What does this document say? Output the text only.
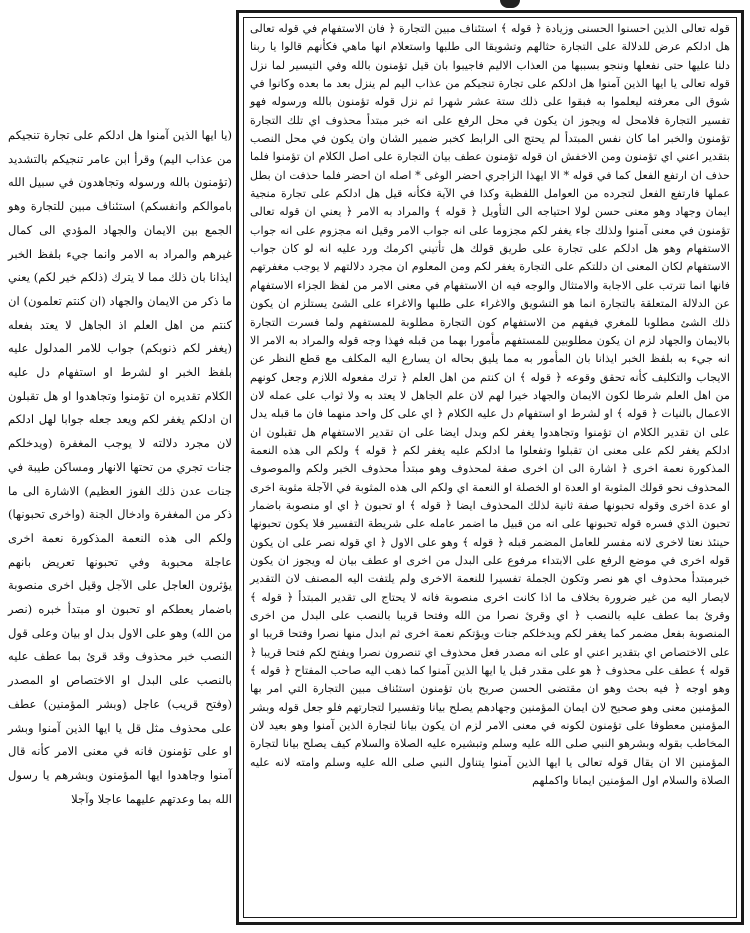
قوله تعالى الذين احسنوا الحسنى وزيادة ﴿ قوله ﴾ استئناف مبين التجارة ﴿ فان الاستفهام في قوله تعالى هل ادلكم عرض للدلالة على التجارة حثالهم وتشويقا الى طلبها واستعلام انها ماهي فكأنهم قالوا يا ربنا دلنا عليها حتى نفعلها وننجو بسببها من العذاب الاليم فاجيبوا بان قيل تؤمنون بالله وفي التيسير لما نزل قوله تعالى يا ايها الذين آمنوا هل ادلكم على تجارة تنجيكم من عذاب اليم لم ينزل بعد ما بعده وكانوا في شوق الى معرفته ليعلموا به فبقوا على ذلك ستة عشر شهرا ثم نزل قوله تؤمنون بالله ورسوله فهو تفسير التجارة فلامحل له ويجوز ان يكون في محل الرفع على انه خبر مبتدأ محذوف اي تلك التجارة تؤمنون والخبر اما كان نفس المبتدأ لم يحتج الى الرابط كخبر ضمير الشان وان يكون في محل النصب بتقدير اعني اي تؤمنون ومن الاخفش ان قوله تؤمنون عطف بيان التجارة على اصل الكلام ان تؤمنوا فلما حذف ان ارتفع الفعل كما في قوله * الا ايهذا الزاجري احضر الوغى * اصله ان احضر فلما حذفت ان بطل عملها فارتفع الفعل لتجرده من العوامل اللفظية وكذا في الآية فكأنه قيل هل ادلكم على تجارة منجية ايمان وجهاد وهو معنى حسن لولا احتياجه الى التأويل ﴿ قوله ﴾ والمراد به الامر ﴿ يعني ان قوله تعالى تؤمنون في معنى آمنوا ولذلك جاء يغفر لكم مجزوما على انه جواب الامر وقيل انه مجزوم على انه جواب الاستفهام وهو هل ادلكم على تجارة على طريق قولك هل تأتيني اكرمك ورد عليه انه لو كان جواب الاستفهام لكان المعنى ان دللتكم على التجارة يغفر لكم ومن المعلوم ان مجرد دلالتهم لا يوجب مغفرتهم فانها انما تترتب على الاجابة والامتثال والوجه فيه ان الاستفهام في معنى الامر من لفظ الجزاء الاستفهام عن الدلالة المتعلقة بالتجارة انما هو التشويق والاغراء على طلبها والاغراء على الشئ يستلزم ان يكون ذلك الشئ مطلوبا للمغري فيفهم من الاستفهام كون التجارة مطلوبة للمستفهم ولما فسرت التجارة بالايمان والجهاد لزم ان يكون مطلوبين للمستفهم مأمورا بهما من قبله فهذا وجه قوله والمراد به الامر الا انه جيء به بلفظ الخبر ايذانا بان المأمور به مما يليق بحاله ان يسارع اليه المكلف مع قطع النظر عن الايجاب والتكليف كأنه تحقق وقوعه ﴿ قوله ﴾ ان كنتم من اهل العلم ﴿ ترك مفعوله اللازم وجعل كونهم من اهل العلم شرطا لكون الايمان والجهاد خيرا لهم لان علم الجاهل لا يعتد به ولا ثواب على عمله لان الاعمال بالنيات ﴿ قوله ﴾ او لشرط او استفهام دل عليه الكلام ﴿ اي على كل واحد منهما فان ما قبله يدل على ان تقدير الكلام ان تؤمنوا وتجاهدوا يغفر لكم وبدل ايضا على ان تقدير الاستفهام هل تقبلون ان ادلكم يغفر لكم على معنى ان تقبلوا وتفعلوا ما ادلكم عليه يغفر لكم ﴿ قوله ﴾ ولكم الى هذه النعمة المذكورة نعمة اخرى ﴿ اشارة الى ان اخرى صفة لمحذوف وهو مبتدأ محذوف الخبر ولكم والموصوف المحذوف نحو قولك المثوبة او العدة او الخصلة او النعمة اي ولكم الى هذه المثوبة في الآجلة مثوبة اخرى او عدة اخرى وقوله تحبونها صفة ثانية لذلك المحذوف ايضا ﴿ قوله ﴾ او تحبون ﴿ اي او منصوبة باضمار تحبون الذي فسره قوله تحبونها على انه من قبيل ما اضمر عامله على شريطة التفسير فلا يكون تحبونها حينئذ نعتا لاخرى لانه مفسر للعامل المضمر قبله ﴿ قوله ﴾ وهو على الاول ﴿ اي قوله نصر على ان يكون قوله اخرى في موضع الرفع على الابتداء مرفوع على البدل من اخرى او عطف بيان له ويجوز ان يكون خبرمبتدأ محذوف اي هو نصر وتكون الجملة تفسيرا للنعمة الاخرى ولم يلتفت اليه المصنف لان التقدير لايصار اليه من غير ضرورة بخلاف ما اذا كانت اخرى منصوبة فانه لا يحتاج الى تقدير المبتدأ ﴿ قوله ﴾ وقرئ بما عطف عليه بالنصب ﴿ اي وقرئ نصرا من الله وفتحا قريبا بالنصب على البدل من اخرى المنصوبة بفعل مضمر كما يغفر لكم ويدخلكم جنات ويؤتكم نعمة اخرى ثم ابدل منها نصرا وفتحا قريبا او على الاختصاص اي بتقدير اعني او على انه مصدر فعل محذوف اي تنصرون نصرا ويفتح لكم فتحا قريبا ﴿ قوله ﴾ عطف على محذوف ﴿ هو على مقدر قبل يا ايها الذين آمنوا كما ذهب اليه صاحب المفتاح ﴿ قوله ﴾ وهو اوجه ﴿ فيه بحث وهو ان مقتضى الحسن صريح بان تؤمنون استئناف مبين التجارة التي امر بها المؤمنين معنى وهو صحيح لان ايمان المؤمنين وجهادهم يصلح بيانا وتفسيرا لتجارتهم فلو جعل قوله وبشر المؤمنين معطوفا على تؤمنون لكونه في معنى الامر لزم ان يكون بيانا لتجارة الذين آمنوا وهو بعيد لان المخاطب بقوله وبشرهو النبي صلى الله عليه وسلم وتبشيره عليه الصلاة والسلام كيف يصلح بيانا لتجارة المؤمنين الا ان يقال قوله تعالى يا ايها الذين آمنوا يتناول النبي صلى الله عليه وسلم وامته لانه عليه الصلاة والسلام اول المؤمنين ايمانا واكملهم

(يا ايها الذين آمنوا هل ادلكم على تجارة تنجيكم من عذاب اليم) وقرأ ابن عامر تنجيكم بالتشديد (تؤمنون بالله ورسوله وتجاهدون في سبيل الله باموالكم وانفسكم) استئناف مبين للتجارة وهو الجمع بين الايمان والجهاد المؤدي الى كمال غيرهم والمراد به الامر وانما جيء بلفظ الخبر ايذانا بان ذلك مما لا يترك (ذلكم خير لكم) يعني ما ذكر من الايمان والجهاد (ان كنتم تعلمون) ان كنتم من اهل العلم اذ الجاهل لا يعتد بفعله (يغفر لكم ذنوبكم) جواب للامر المدلول عليه بلفظ الخبر او لشرط او استفهام دل عليه الكلام تقديره ان تؤمنوا وتجاهدوا او هل تقبلون ان ادلكم يغفر لكم ويعد جعله جوابا لهل ادلكم لان مجرد دلالته لا يوجب المغفرة (ويدخلكم جنات تجري من تحتها الانهار ومساكن طيبة في جنات عدن ذلك الفوز العظيم) الاشارة الى ما ذكر من المغفرة وادخال الجنة (واخرى تحبونها) ولكم الى هذه النعمة المذكورة نعمة اخرى عاجلة محبوبة وفي تحبونها تعريض بانهم يؤثرون العاجل على الآجل وقيل اخرى منصوبة باضمار يعطكم او تحبون او مبتدأ خبره (نصر من الله) وهو على الاول بدل او بيان وعلى قول النصب خبر محذوف وقد قرئ بما عطف عليه بالنصب على البدل او الاختصاص او المصدر (وفتح قريب) عاجل (وبشر المؤمنين) عطف على محذوف مثل قل يا ايها الذين آمنوا وبشر او على تؤمنون فانه في معنى الامر كأنه قال آمنوا وجاهدوا ايها المؤمنون وبشرهم يا رسول الله بما وعدتهم عليهما عاجلا وآجلا
